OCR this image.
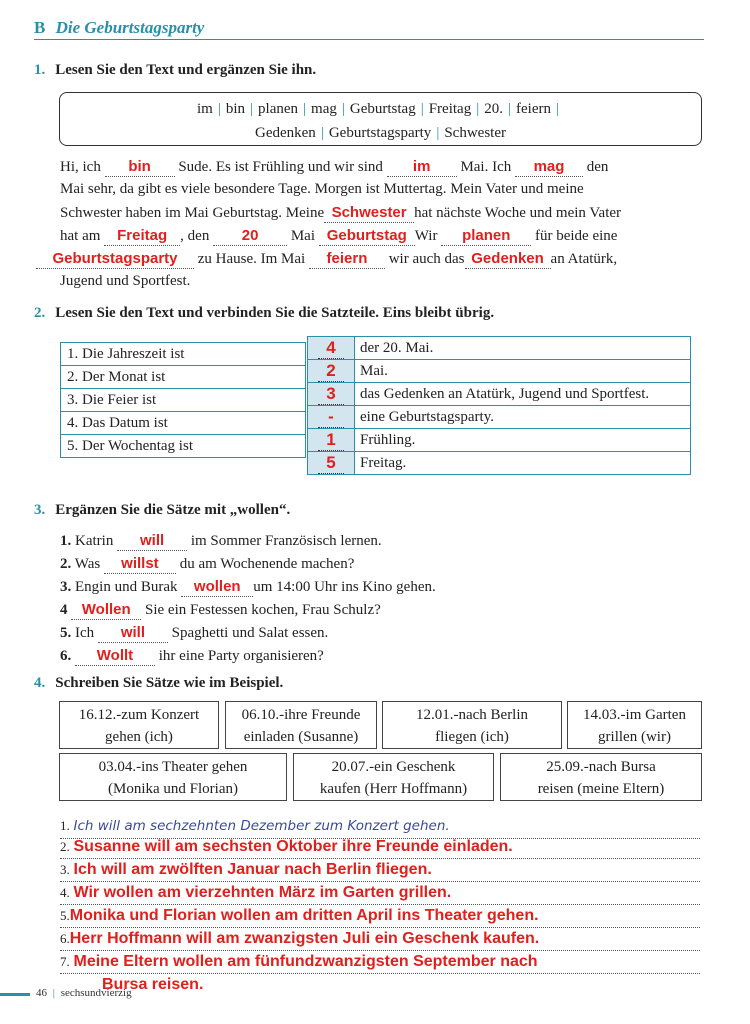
B Die Geburtstagsparty
1. Lesen Sie den Text und ergänzen Sie ihn.
im | bin | planen | mag | Geburtstag | Freitag | 20. | feiern |
Gedenken | Geburtstagsparty | Schwester
Hi, ich bin Sude. Es ist Frühling und wir sind im Mai. Ich mag den
Mai sehr, da gibt es viele besondere Tage. Morgen ist Muttertag. Mein Vater und meine
Schwester haben im Mai Geburtstag. Meine Schwester hat nächste Woche und mein Vater
hat am Freitag , den 20 Mai Geburtstag Wir planen für beide eine
Geburtstagsparty zu Hause. Im Mai feiern wir auch das Gedenken an Atatürk,
Jugend und Sportfest.
2. Lesen Sie den Text und verbinden Sie die Satzteile. Eins bleibt übrig.
1. Die Jahreszeit ist
2. Der Monat ist
3. Die Feier ist
4. Das Datum ist
5. Der Wochentag ist
4	der 20. Mai.
2	Mai.
3	das Gedenken an Atatürk, Jugend und Sportfest.
-	eine Geburtstagsparty.
1	Frühling.
5	Freitag.
3. Ergänzen Sie die Sätze mit „wollen“.
1. Katrin will im Sommer Französisch lernen.
2. Was willst du am Wochenende machen?
3. Engin und Burak wollen um 14:00 Uhr ins Kino gehen.
4 Wollen Sie ein Festessen kochen, Frau Schulz?
5. Ich will Spaghetti und Salat essen.
6. Wollt ihr eine Party organisieren?
4. Schreiben Sie Sätze wie im Beispiel.
16.12.-zum Konzert
gehen (ich)
06.10.-ihre Freunde
einladen (Susanne)
12.01.-nach Berlin
fliegen (ich)
14.03.-im Garten
grillen (wir)
03.04.-ins Theater gehen
(Monika und Florian)
20.07.-ein Geschenk
kaufen (Herr Hoffmann)
25.09.-nach Bursa
reisen (meine Eltern)
1. Ich will am sechzehnten Dezember zum Konzert gehen.
2. Susanne will am sechsten Oktober ihre Freunde einladen.
3. Ich will am zwölften Januar nach Berlin fliegen.
4. Wir wollen am vierzehnten März im Garten grillen.
5.Monika und Florian wollen am dritten April ins Theater gehen.
6.Herr Hoffmann will am zwanzigsten Juli ein Geschenk kaufen.
7. Meine Eltern wollen am fünfundzwanzigsten September nach
Bursa reisen.
46 | sechsundvierzig
